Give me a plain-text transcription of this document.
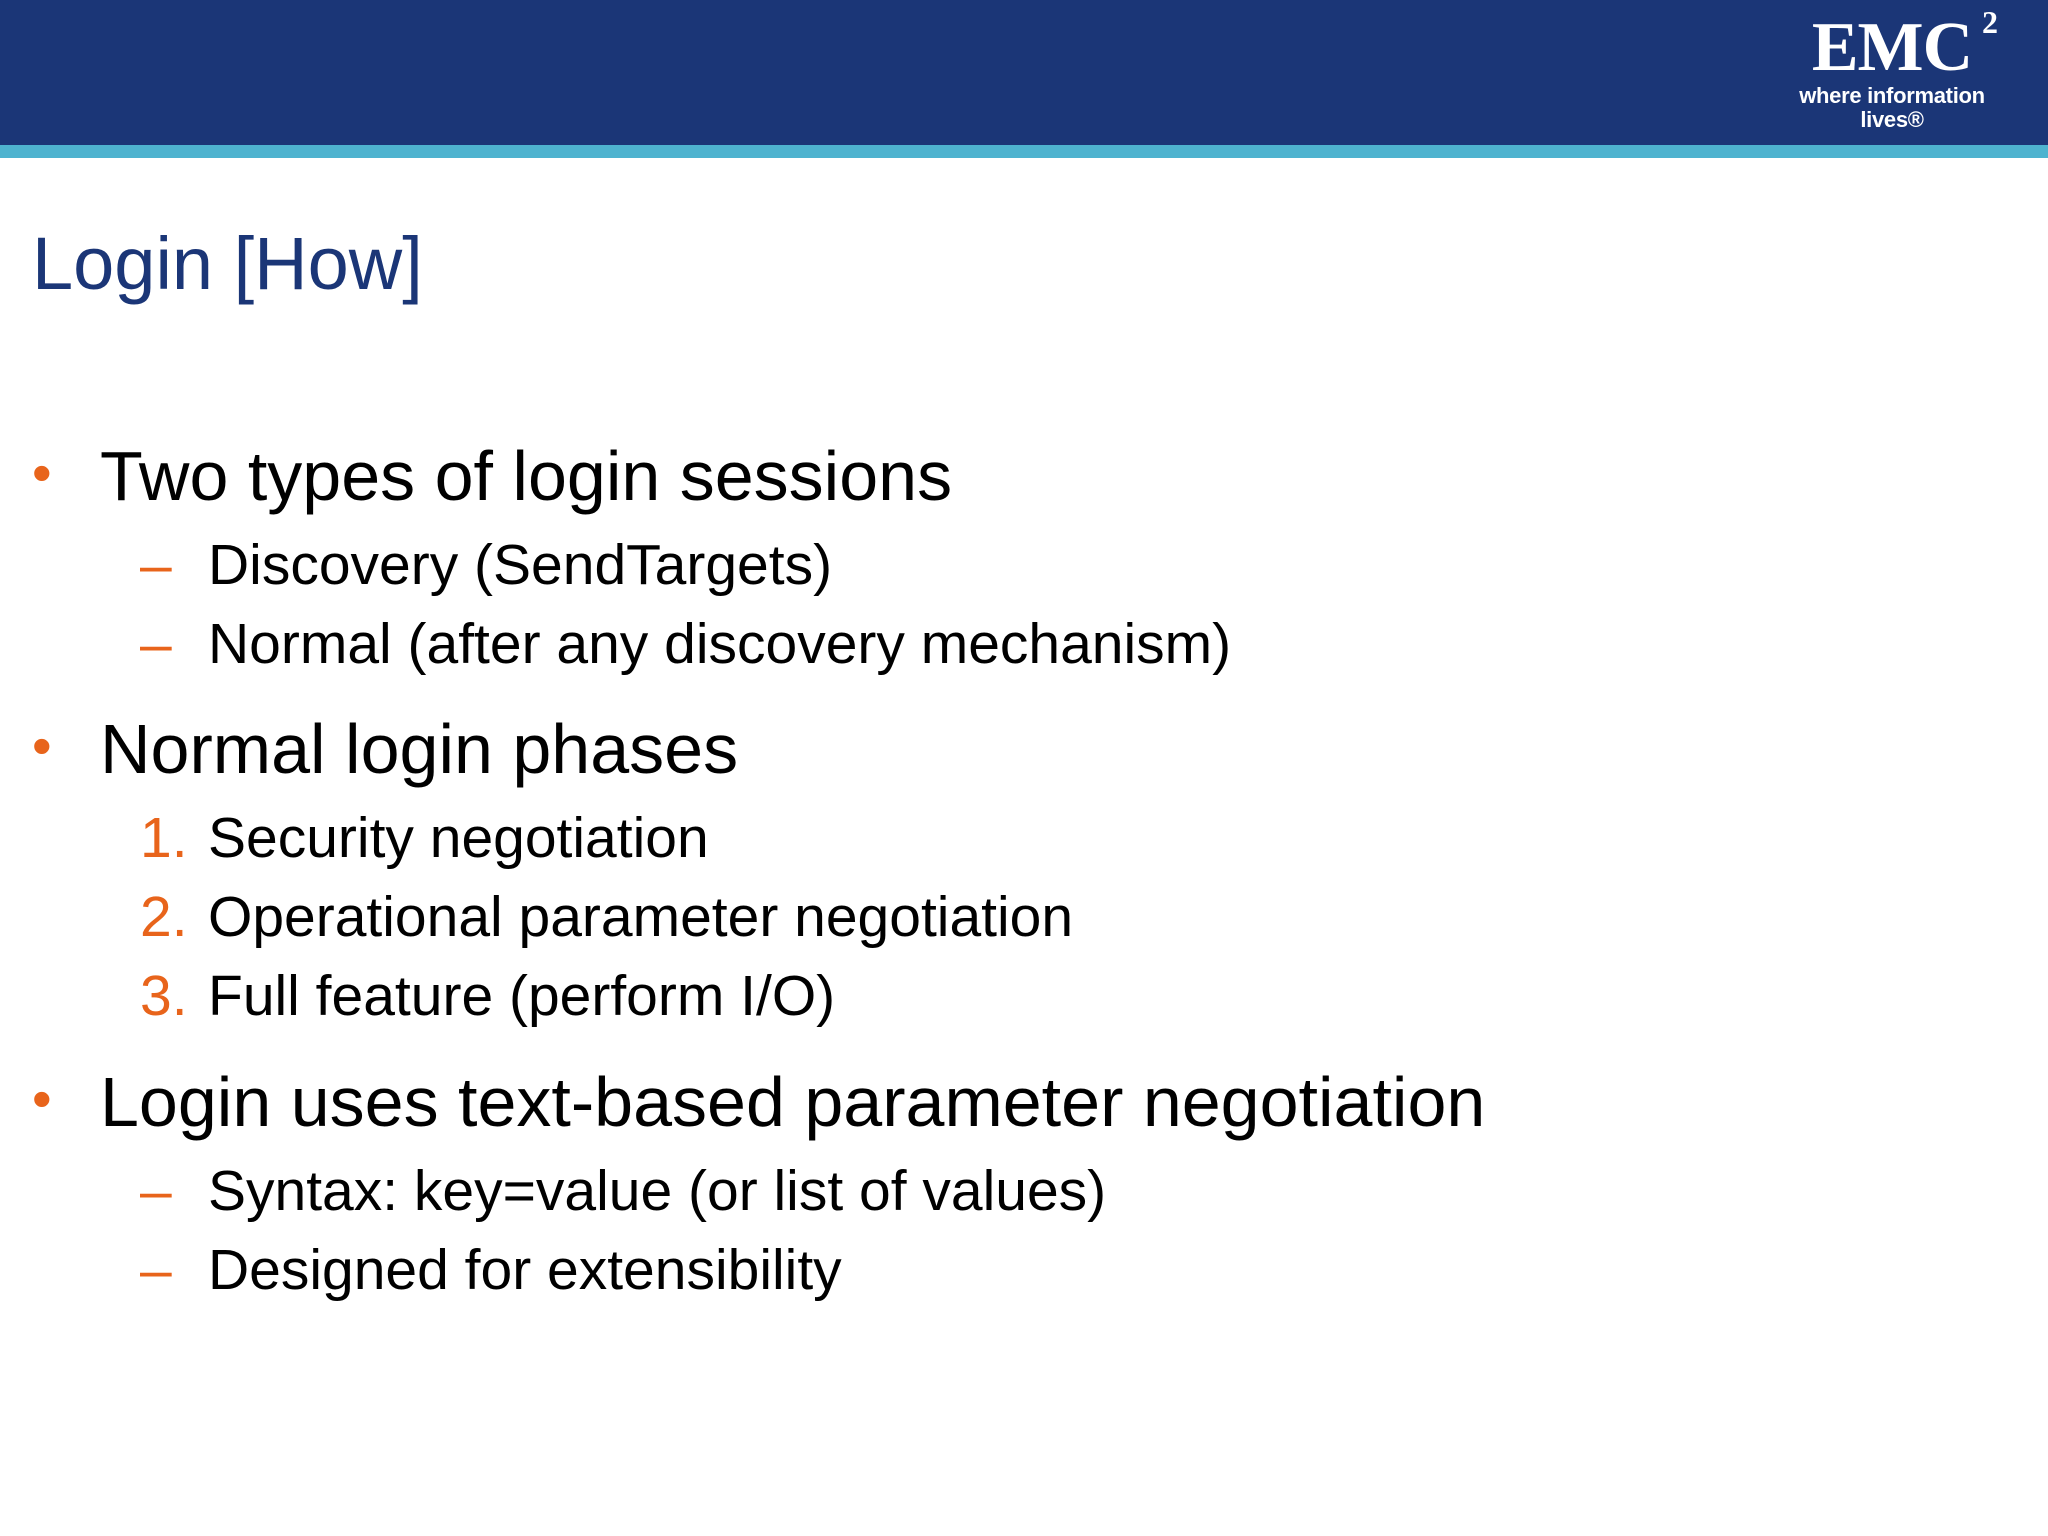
EMC 2
where information lives®
Login [How]
• Two types of login sessions
– Discovery (SendTargets)
– Normal (after any discovery mechanism)
• Normal login phases
1. Security negotiation
2. Operational parameter negotiation
3. Full feature (perform I/O)
• Login uses text-based parameter negotiation
– Syntax: key=value (or list of values)
– Designed for extensibility
